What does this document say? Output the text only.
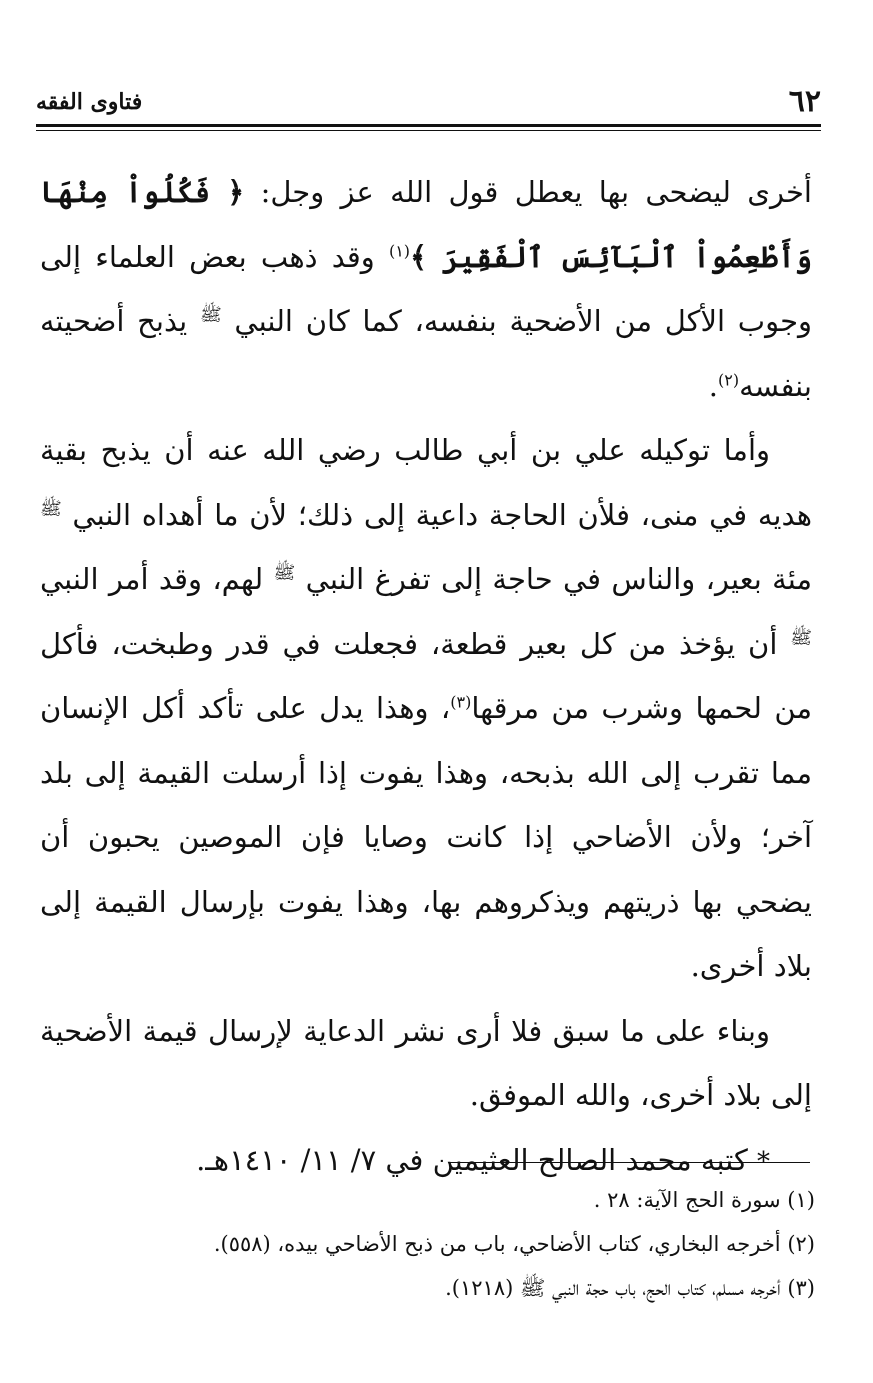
٦٢
فتاوى الفقه

أخرى ليضحى بها يعطل قول الله عز وجل: ﴿ فَكُلُواْ مِنْهَا وَأَطْعِمُواْ ٱلْبَآئِسَ ٱلْفَقِيرَ ﴾$^{(١)}$ وقد ذهب بعض العلماء إلى وجوب الأكل من الأضحية بنفسه، كما كان النبي $^ﷺ$ يذبح أضحيته بنفسه$^{(٢)}$.

وأما توكيله علي بن أبي طالب رضي الله عنه أن يذبح بقية هديه في منى، فلأن الحاجة داعية إلى ذلك؛ لأن ما أهداه النبي $^ﷺ$ مئة بعير، والناس في حاجة إلى تفرغ النبي $^ﷺ$ لهم، وقد أمر النبي $^ﷺ$ أن يؤخذ من كل بعير قطعة، فجعلت في قدر وطبخت، فأكل من لحمها وشرب من مرقها$^{(٣)}$، وهذا يدل على تأكد أكل الإنسان مما تقرب إلى الله بذبحه، وهذا يفوت إذا أرسلت القيمة إلى بلد آخر؛ ولأن الأضاحي إذا كانت وصايا فإن الموصين يحبون أن يضحي بها ذريتهم ويذكروهم بها، وهذا يفوت بإرسال القيمة إلى بلاد أخرى.

وبناء على ما سبق فلا أرى نشر الدعاية لإرسال قيمة الأضحية إلى بلاد أخرى، والله الموفق.

* كتبه محمد الصالح العثيمين في ٧/ ١١/ ١٤١٠هـ.

(١) سورة الحج الآية: ٢٨ .

(٢) أخرجه البخاري، كتاب الأضاحي، باب من ذبح الأضاحي بيده، (٥٥٨).

(٣) أخرجه مسلم، كتاب الحج، باب حجة النبي ﷺ (١٢١٨).
